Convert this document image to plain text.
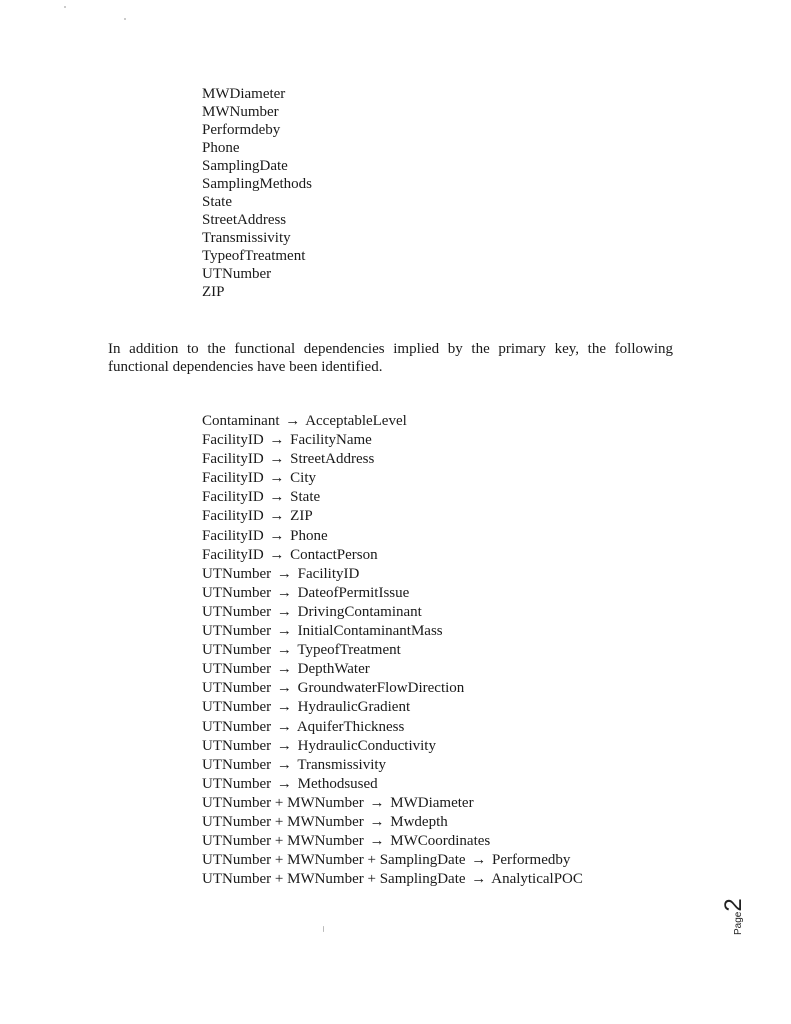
MWDiameter
MWNumber
Performdeby
Phone
SamplingDate
SamplingMethods
State
StreetAddress
Transmissivity
TypeofTreatment
UTNumber
ZIP

In addition to the functional dependencies implied by the primary key, the following functional dependencies have been identified.

Contaminant → AcceptableLevel
FacilityID → FacilityName
FacilityID → StreetAddress
FacilityID → City
FacilityID → State
FacilityID → ZIP
FacilityID → Phone
FacilityID → ContactPerson
UTNumber → FacilityID
UTNumber → DateofPermitIssue
UTNumber → DrivingContaminant
UTNumber → InitialContaminantMass
UTNumber → TypeofTreatment
UTNumber → DepthWater
UTNumber → GroundwaterFlowDirection
UTNumber → HydraulicGradient
UTNumber → AquiferThickness
UTNumber → HydraulicConductivity
UTNumber → Transmissivity
UTNumber → Methodsused
UTNumber + MWNumber → MWDiameter
UTNumber + MWNumber → Mwdepth
UTNumber + MWNumber → MWCoordinates
UTNumber + MWNumber + SamplingDate → Performedby
UTNumber + MWNumber + SamplingDate → AnalyticalPOC
Page2
